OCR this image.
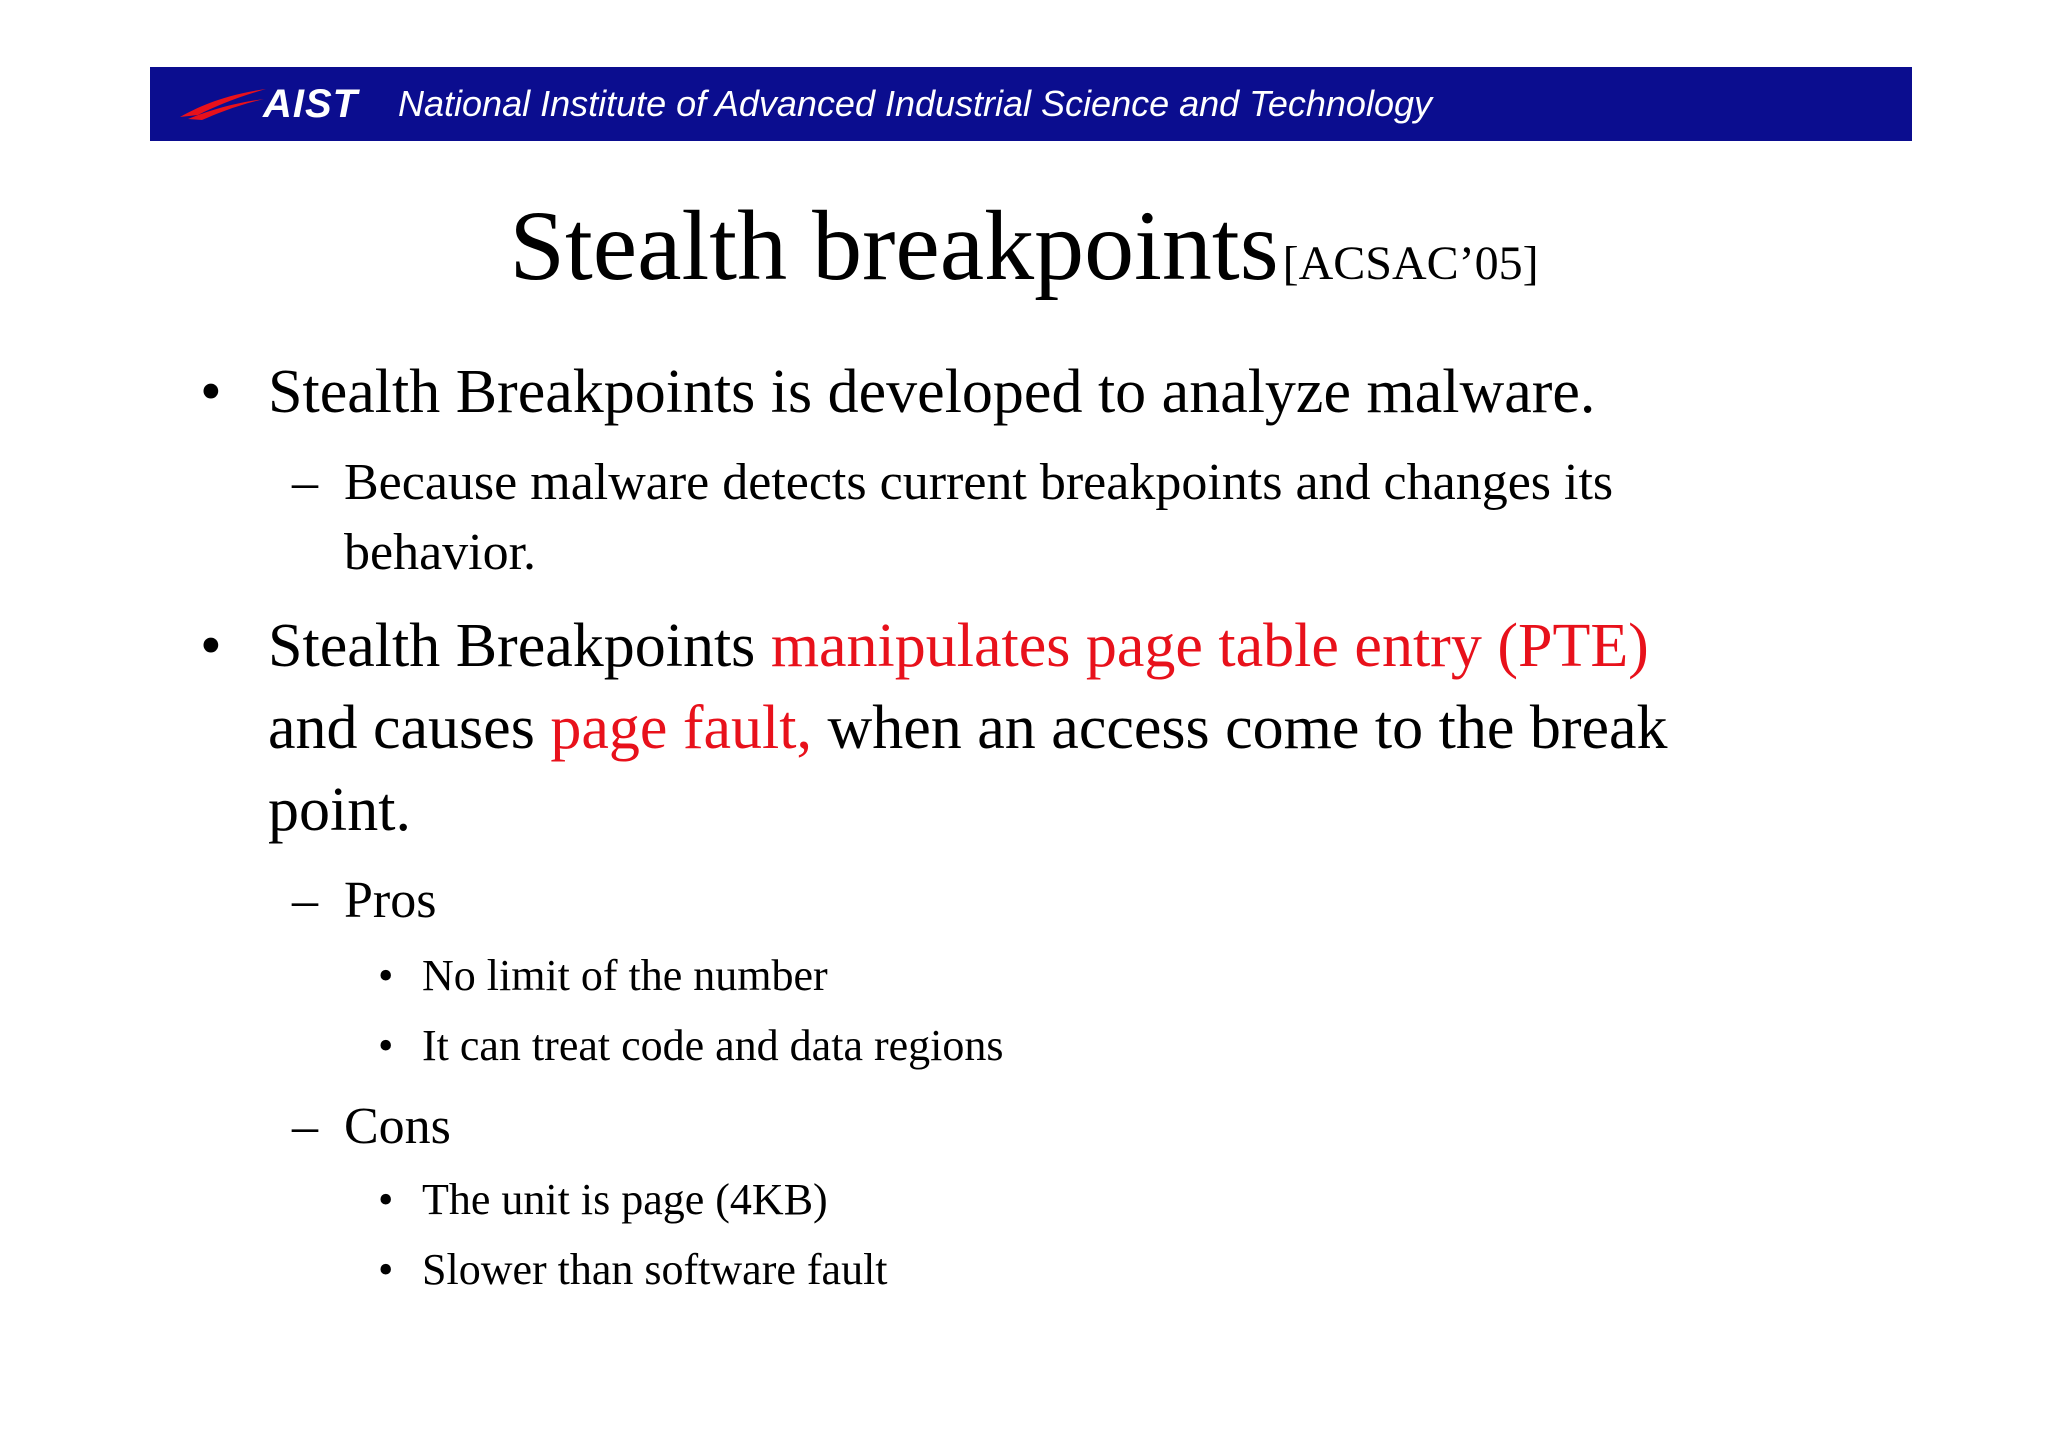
AIST National Institute of Advanced Industrial Science and Technology
Stealth breakpoints [ACSAC’05]
• Stealth Breakpoints is developed to analyze malware.
– Because malware detects current breakpoints and changes its
behavior.
• Stealth Breakpoints manipulates page table entry (PTE)
and causes page fault, when an access come to the break
point.
– Pros
• No limit of the number
• It can treat code and data regions
– Cons
• The unit is page (4KB)
• Slower than software fault
